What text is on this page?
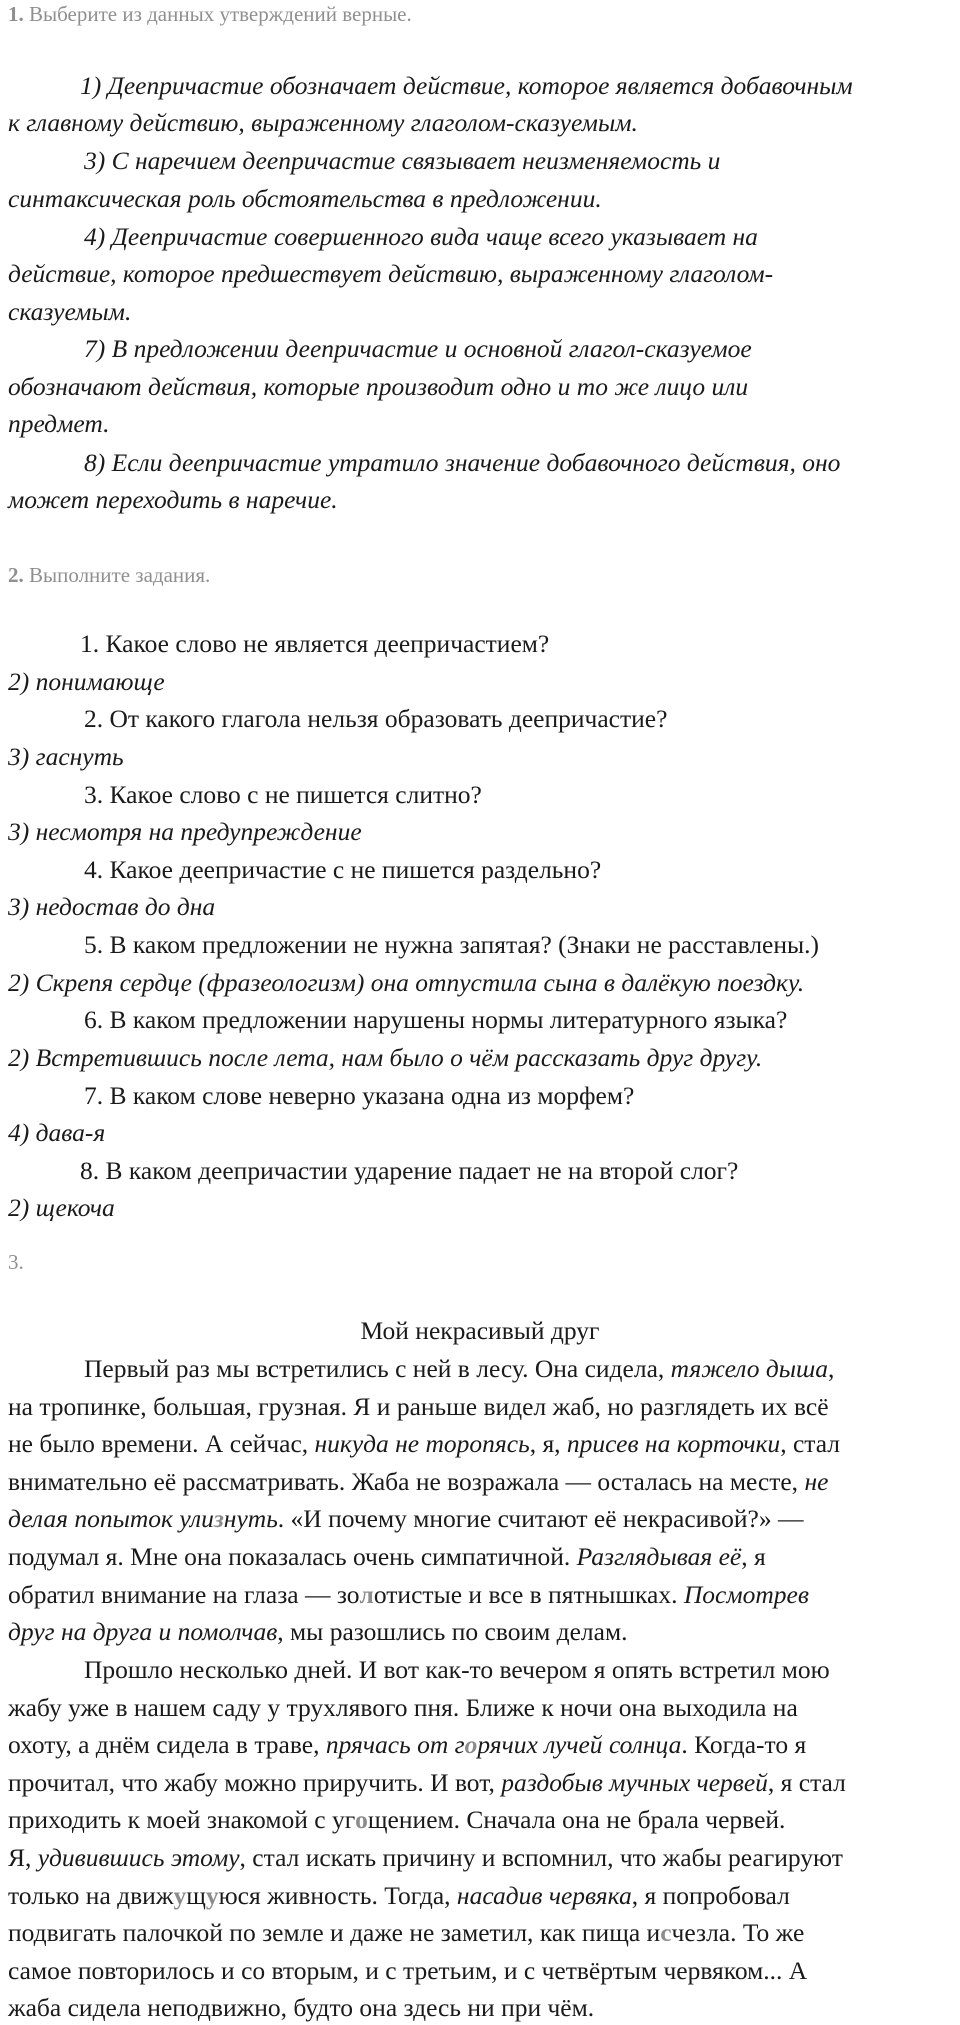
1. Выберите из данных утверждений верные.

1) Деепричастие обозначает действие, которое является добавочным

к главному действию, выраженному глаголом-сказуемым.

3) С наречием деепричастие связывает неизменяемость и

синтаксическая роль обстоятельства в предложении.

4) Деепричастие совершенного вида чаще всего указывает на

действие, которое предшествует действию, выраженному глаголом-

сказуемым.

7) В предложении деепричастие и основной глагол-сказуемое

обозначают действия, которые производит одно и то же лицо или

предмет.

8) Если деепричастие утратило значение добавочного действия, оно

может переходить в наречие.

2. Выполните задания.

1. Какое слово не является деепричастием?

2) понимающе

2. От какого глагола нельзя образовать деепричастие?

3) гаснуть

3. Какое слово с не пишется слитно?

3) несмотря на предупреждение

4. Какое деепричастие с не пишется раздельно?

3) недостав до дна

5. В каком предложении не нужна запятая? (Знаки не расставлены.)

2) Скрепя сердце (фразеологизм) она отпустила сына в далёкую поездку.

6. В каком предложении нарушены нормы литературного языка?

2) Встретившись после лета, нам было о чём рассказать друг другу.

7. В каком слове неверно указана одна из морфем?

4) дава-я

8. В каком деепричастии ударение падает не на второй слог?

2) щекоча

3.

Мой некрасивый друг

Первый раз мы встретились с ней в лесу. Она сидела, тяжело дыша,

на тропинке, большая, грузная. Я и раньше видел жаб, но разглядеть их всё

не было времени. А сейчас, никуда не торопясь, я, присев на корточки, стал

внимательно её рассматривать. Жаба не возражала — осталась на месте, не

делая попыток улизнуть. «И почему многие считают её некрасивой?» —

подумал я. Мне она показалась очень симпатичной. Разглядывая её, я

обратил внимание на глаза — золотистые и все в пятнышках. Посмотрев

друг на друга и помолчав, мы разошлись по своим делам.

Прошло несколько дней. И вот как-то вечером я опять встретил мою

жабу уже в нашем саду у трухлявого пня. Ближе к ночи она выходила на

охоту, а днём сидела в траве, прячась от горячих лучей солнца. Когда-то я

прочитал, что жабу можно приручить. И вот, раздобыв мучных червей, я стал

приходить к моей знакомой с угощением. Сначала она не брала червей.

Я, удивившись этому, стал искать причину и вспомнил, что жабы реагируют

только на движущуюся живность. Тогда, насадив червяка, я попробовал

подвигать палочкой по земле и даже не заметил, как пища исчезла. То же

самое повторилось и со вторым, и с третьим, и с четвёртым червяком... А

жаба сидела неподвижно, будто она здесь ни при чём.
